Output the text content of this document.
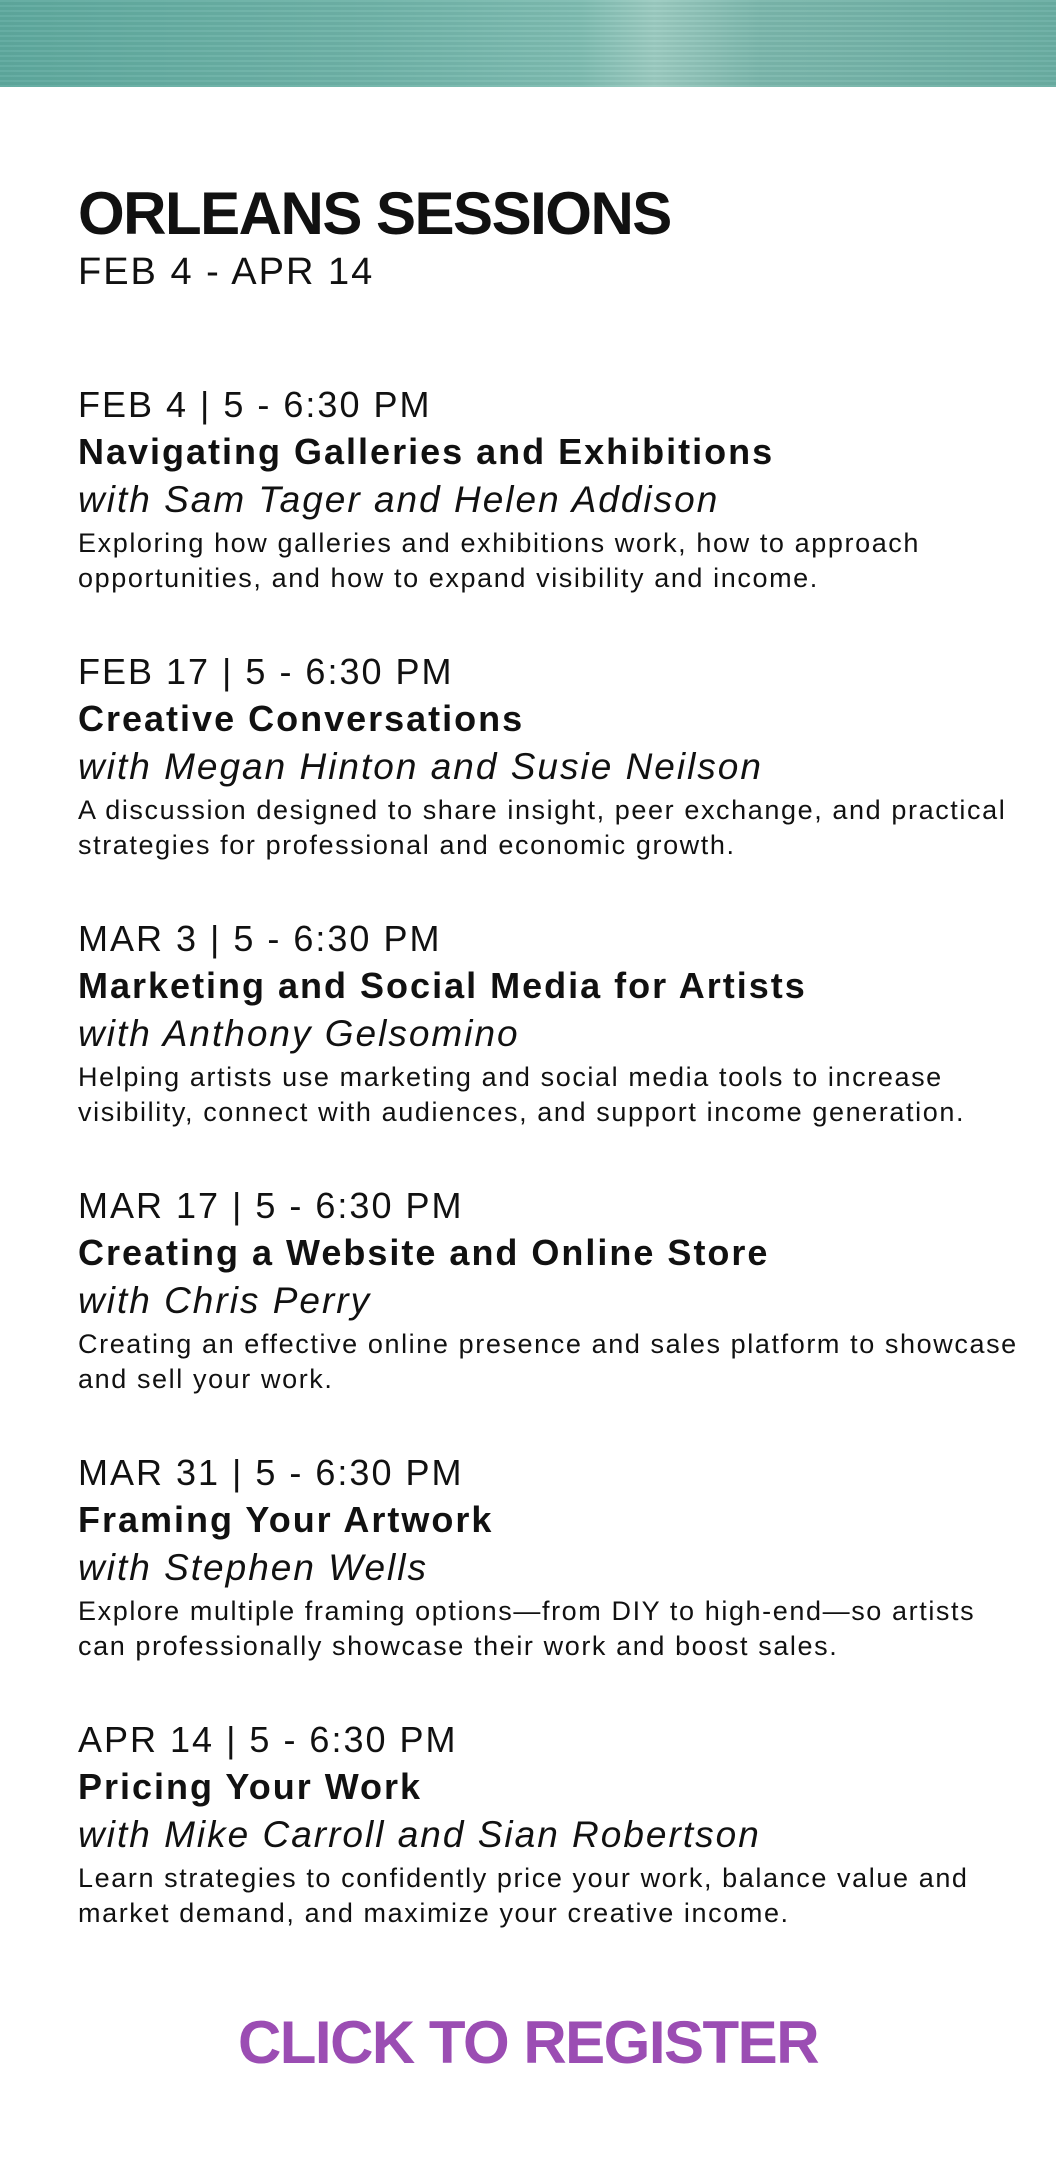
ORLEANS SESSIONS
FEB 4 - APR 14
FEB 4 | 5 - 6:30 PM
Navigating Galleries and Exhibitions
with Sam Tager and Helen Addison
Exploring how galleries and exhibitions work, how to approach opportunities, and how to expand visibility and income.
FEB 17 | 5 - 6:30 PM
Creative Conversations
with Megan Hinton and Susie Neilson
A discussion designed to share insight, peer exchange, and practical strategies for professional and economic growth.
MAR 3 | 5 - 6:30 PM
Marketing and Social Media for Artists
with Anthony Gelsomino
Helping artists use marketing and social media tools to increase visibility, connect with audiences, and support income generation.
MAR 17 | 5 - 6:30 PM
Creating a Website and Online Store
with Chris Perry
Creating an effective online presence and sales platform to showcase and sell your work.
MAR 31 | 5 - 6:30 PM
Framing Your Artwork
with Stephen Wells
Explore multiple framing options—from DIY to high-end—so artists can professionally showcase their work and boost sales.
APR 14 | 5 - 6:30 PM
Pricing Your Work
with Mike Carroll and Sian Robertson
Learn strategies to confidently price your work, balance value and market demand, and maximize your creative income.
CLICK TO REGISTER
